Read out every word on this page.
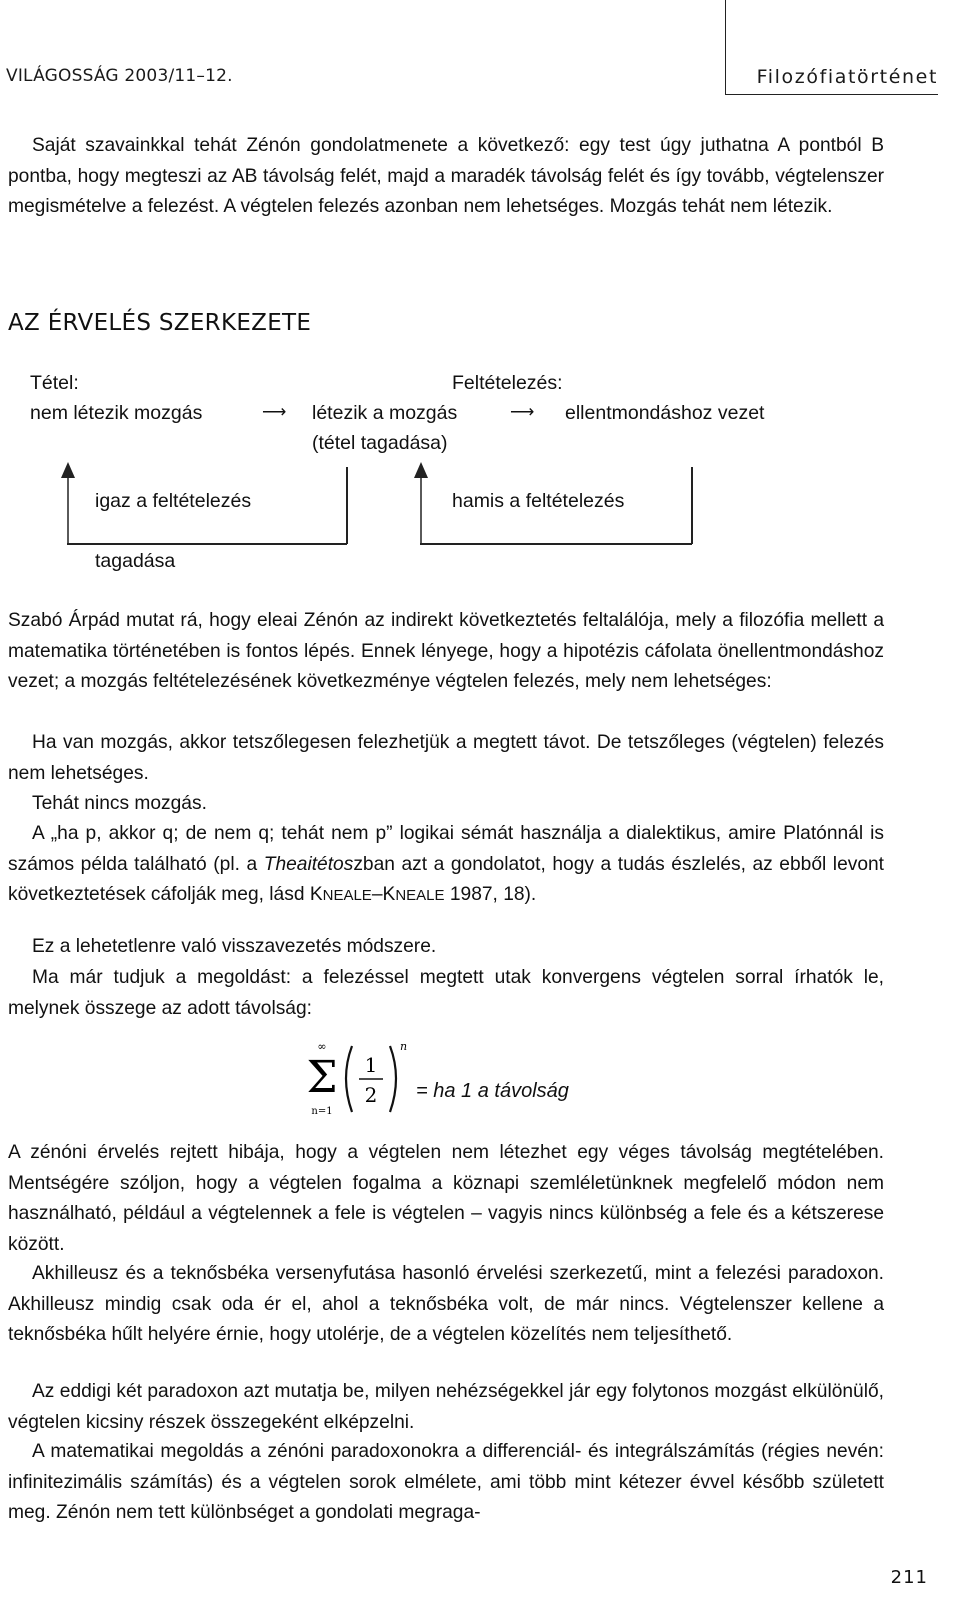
VILÁGOSSÁG 2003/11–12.	Filozófiatörténet

Saját szavainkkal tehát Zénón gondolatmenete a következő: egy test úgy juthatna A pontból B pontba, hogy megteszi az AB távolság felét, majd a maradék távolság felét és így tovább, végtelenszer megismételve a felezést. A végtelen felezés azonban nem lehetséges. Mozgás tehát nem létezik.

AZ ÉRVELÉS SZERKEZETE
Tétel:	Feltételezés:
nem létezik mozgás	⟶ létezik a mozgás	⟶ ellentmondáshoz vezet
(tétel tagadása)
igaz a feltételezés	hamis a feltételezés
tagadása

Szabó Árpád mutat rá, hogy eleai Zénón az indirekt következtetés feltalálója, mely a filozófia mellett a matematika történetében is fontos lépés. Ennek lényege, hogy a hipotézis cáfolata önellentmondáshoz vezet; a mozgás feltételezésének következménye végtelen felezés, mely nem lehetséges:

Ha van mozgás, akkor tetszőlegesen felezhetjük a megtett távot. De tetszőleges (végtelen) felezés nem lehetséges.

Tehát nincs mozgás.

A „ha p, akkor q; de nem q; tehát nem p” logikai sémát használja a dialektikus, amire Platónnál is számos példa található (pl. a Theaitétoszban azt a gondolatot, hogy a tudás észlelés, az ebből levont következtetések cáfolják meg, lásd KNEALE–KNEALE 1987, 18).

Ez a lehetetlenre való visszavezetés módszere.

Ma már tudjuk a megoldást: a felezéssel megtett utak konvergens végtelen sorral írhatók le, melynek összege az adott távolság:

∞
Σ
n=1
1
2
n
= ha 1 a távolság

A zénóni érvelés rejtett hibája, hogy a végtelen nem létezhet egy véges távolság megtételében. Mentségére szóljon, hogy a végtelen fogalma a köznapi szemléletünknek megfelelő módon nem használható, például a végtelennek a fele is végtelen – vagyis nincs különbség a fele és a kétszerese között.

Akhilleusz és a teknősbéka versenyfutása hasonló érvelési szerkezetű, mint a felezési paradoxon. Akhilleusz mindig csak oda ér el, ahol a teknősbéka volt, de már nincs. Végtelenszer kellene a teknősbéka hűlt helyére érnie, hogy utolérje, de a végtelen közelítés nem teljesíthető.

Az eddigi két paradoxon azt mutatja be, milyen nehézségekkel jár egy folytonos mozgást elkülönülő, végtelen kicsiny részek összegeként elképzelni.

A matematikai megoldás a zénóni paradoxonokra a differenciál- és integrálszámítás (régies nevén: infinitezimális számítás) és a végtelen sorok elmélete, ami több mint kétezer évvel később született meg. Zénón nem tett különbséget a gondolati megraga-

211
